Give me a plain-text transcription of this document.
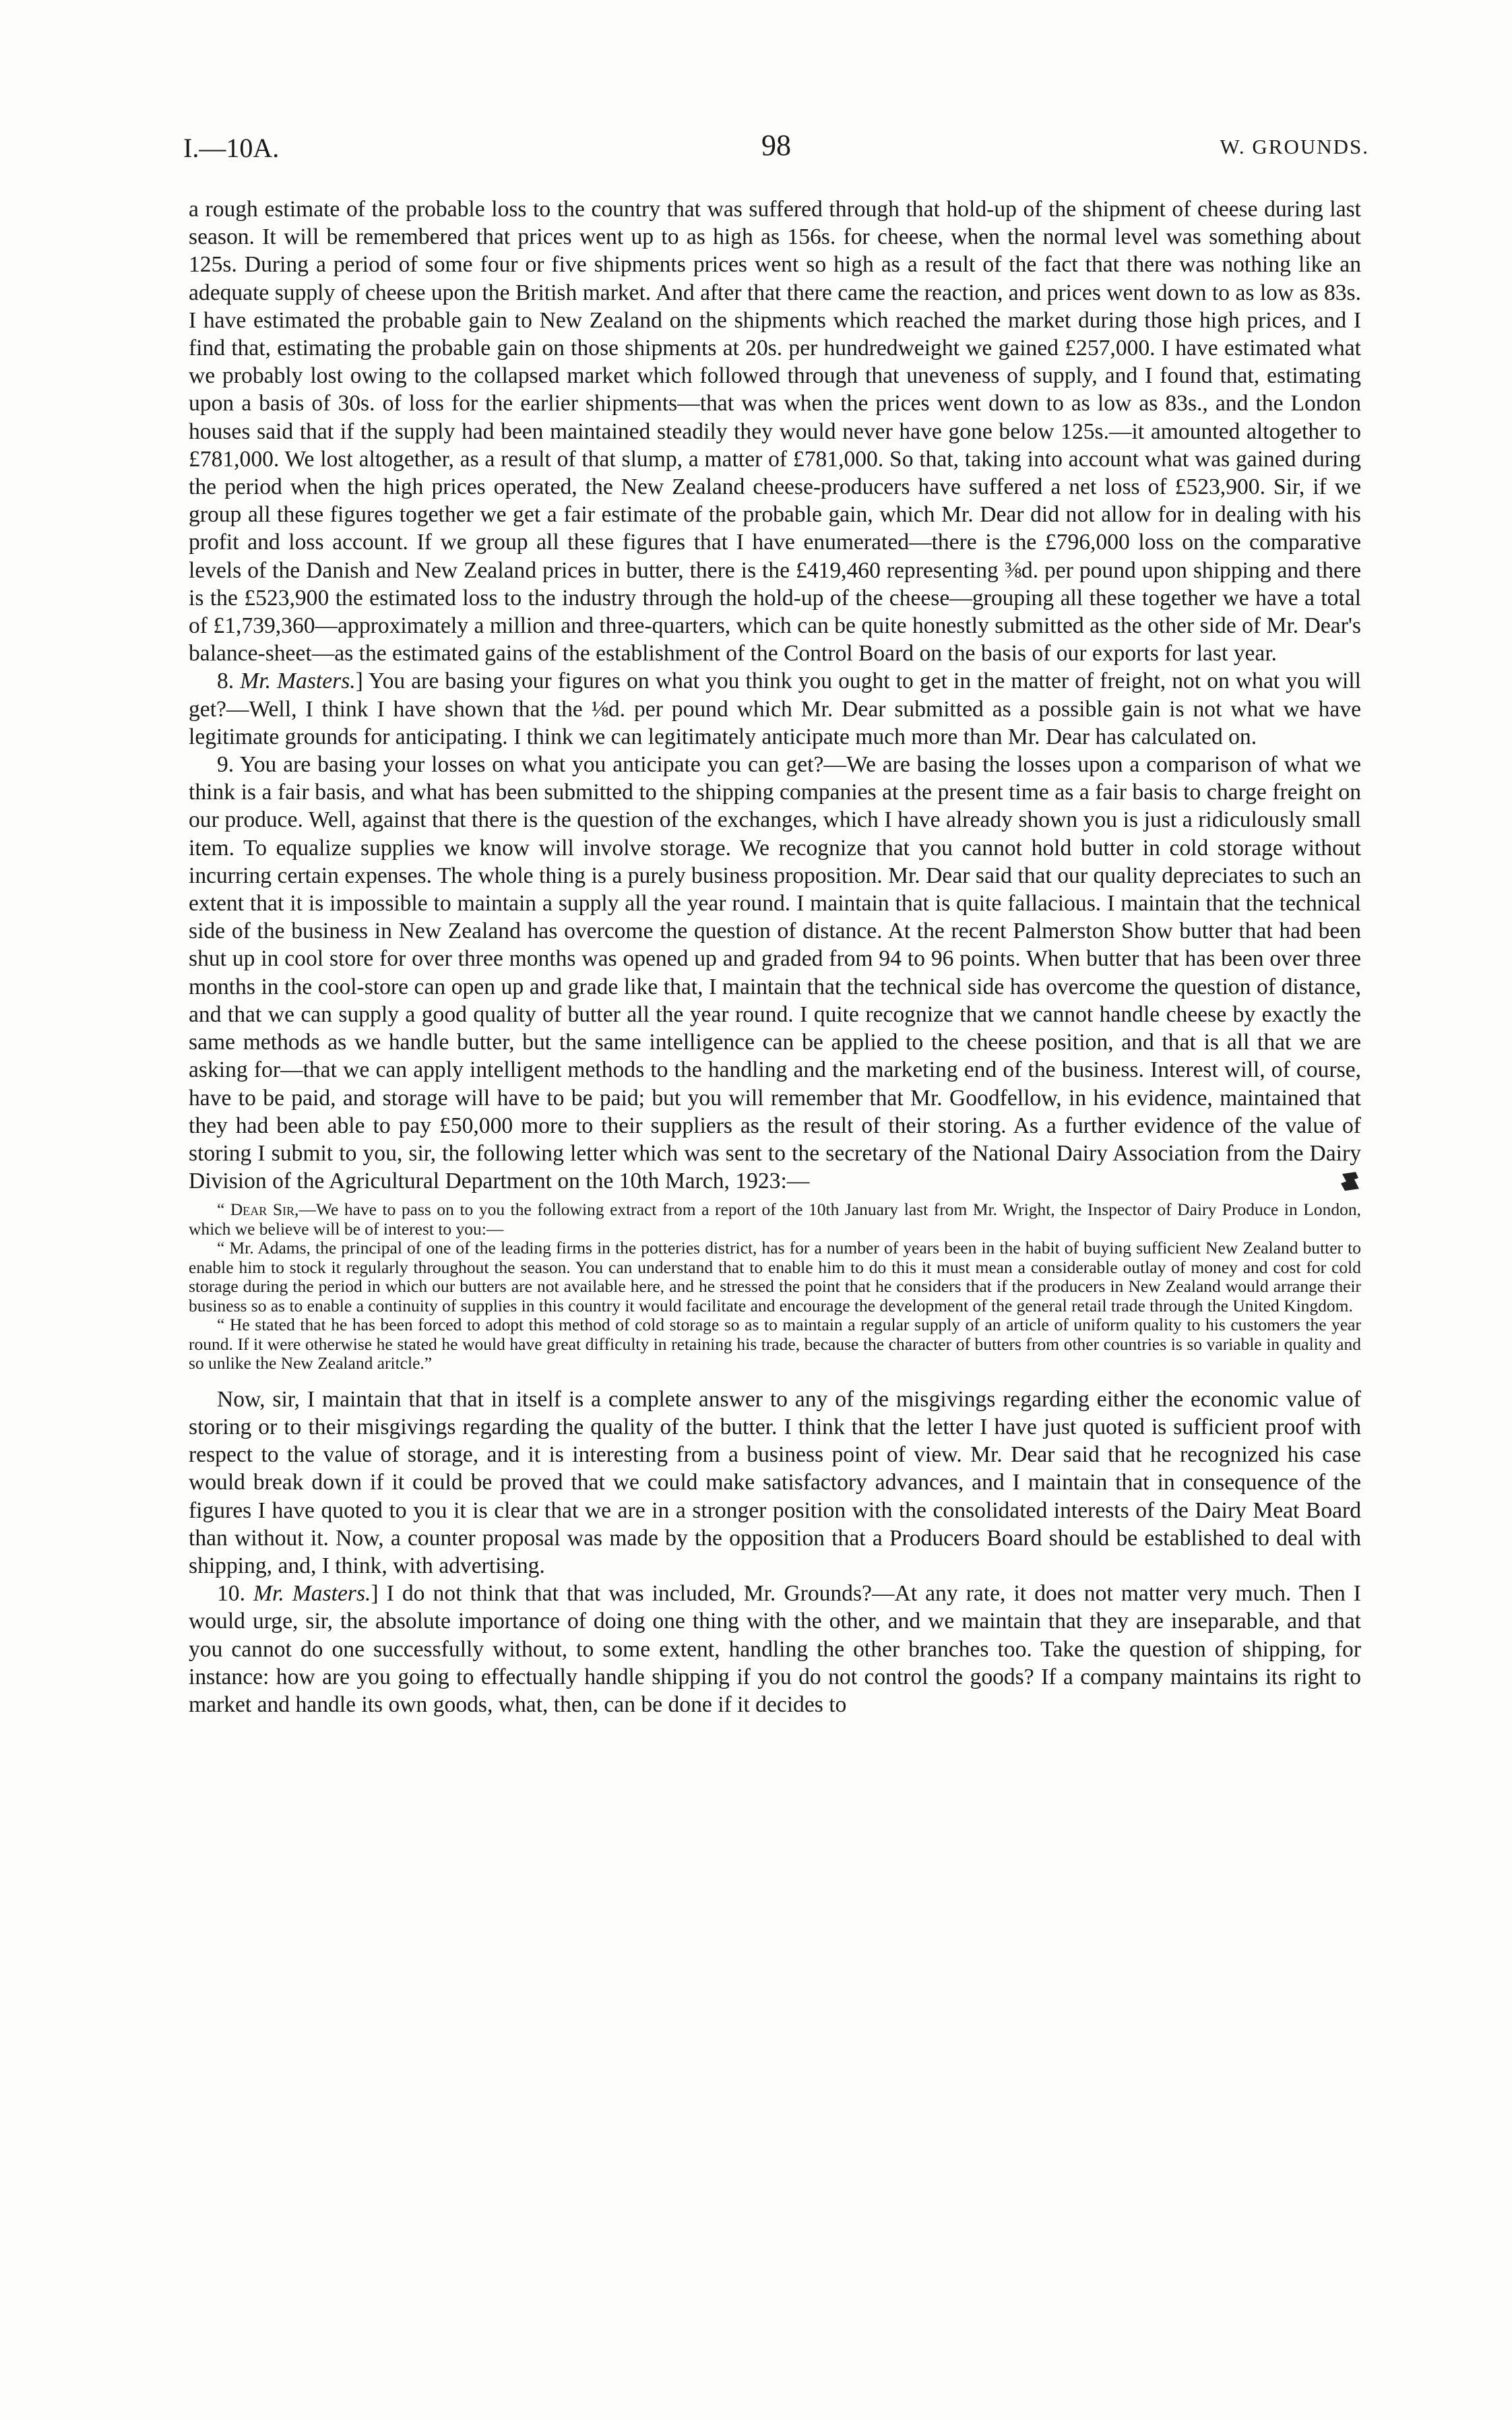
I.—10A.	98	W. GROUNDS.

a rough estimate of the probable loss to the country that was suffered through that hold-up of the shipment of cheese during last season. It will be remembered that prices went up to as high as 156s. for cheese, when the normal level was something about 125s. During a period of some four or five shipments prices went so high as a result of the fact that there was nothing like an adequate supply of cheese upon the British market. And after that there came the reaction, and prices went down to as low as 83s. I have estimated the probable gain to New Zealand on the shipments which reached the market during those high prices, and I find that, estimating the probable gain on those shipments at 20s. per hundredweight we gained £257,000. I have estimated what we probably lost owing to the collapsed market which followed through that uneveness of supply, and I found that, estimating upon a basis of 30s. of loss for the earlier shipments—that was when the prices went down to as low as 83s., and the London houses said that if the supply had been maintained steadily they would never have gone below 125s.—it amounted altogether to £781,000. We lost altogether, as a result of that slump, a matter of £781,000. So that, taking into account what was gained during the period when the high prices operated, the New Zealand cheese-producers have suffered a net loss of £523,900. Sir, if we group all these figures together we get a fair estimate of the probable gain, which Mr. Dear did not allow for in dealing with his profit and loss account. If we group all these figures that I have enumerated—there is the £796,000 loss on the comparative levels of the Danish and New Zealand prices in butter, there is the £419,460 representing ⅜d. per pound upon shipping and there is the £523,900 the estimated loss to the industry through the hold-up of the cheese—grouping all these together we have a total of £1,739,360—approximately a million and three-quarters, which can be quite honestly submitted as the other side of Mr. Dear's balance-sheet—as the estimated gains of the establishment of the Control Board on the basis of our exports for last year.

8. Mr. Masters.] You are basing your figures on what you think you ought to get in the matter of freight, not on what you will get?—Well, I think I have shown that the ⅛d. per pound which Mr. Dear submitted as a possible gain is not what we have legitimate grounds for anticipating. I think we can legitimately anticipate much more than Mr. Dear has calculated on.

9. You are basing your losses on what you anticipate you can get?—We are basing the losses upon a comparison of what we think is a fair basis, and what has been submitted to the shipping companies at the present time as a fair basis to charge freight on our produce. Well, against that there is the question of the exchanges, which I have already shown you is just a ridiculously small item. To equalize supplies we know will involve storage. We recognize that you cannot hold butter in cold storage without incurring certain expenses. The whole thing is a purely business proposition. Mr. Dear said that our quality depreciates to such an extent that it is impossible to maintain a supply all the year round. I maintain that is quite fallacious. I maintain that the technical side of the business in New Zealand has overcome the question of distance. At the recent Palmerston Show butter that had been shut up in cool store for over three months was opened up and graded from 94 to 96 points. When butter that has been over three months in the cool-store can open up and grade like that, I maintain that the technical side has overcome the question of distance, and that we can supply a good quality of butter all the year round. I quite recognize that we cannot handle cheese by exactly the same methods as we handle butter, but the same intelligence can be applied to the cheese position, and that is all that we are asking for—that we can apply intelligent methods to the handling and the marketing end of the business. Interest will, of course, have to be paid, and storage will have to be paid; but you will remember that Mr. Goodfellow, in his evidence, maintained that they had been able to pay £50,000 more to their suppliers as the result of their storing. As a further evidence of the value of storing I submit to you, sir, the following letter which was sent to the secretary of the National Dairy Association from the Dairy Division of the Agricultural Department on the 10th March, 1923:—

“ Dear Sir,—We have to pass on to you the following extract from a report of the 10th January last from Mr. Wright, the Inspector of Dairy Produce in London, which we believe will be of interest to you:—

“ Mr. Adams, the principal of one of the leading firms in the potteries district, has for a number of years been in the habit of buying sufficient New Zealand butter to enable him to stock it regularly throughout the season. You can understand that to enable him to do this it must mean a considerable outlay of money and cost for cold storage during the period in which our butters are not available here, and he stressed the point that he considers that if the producers in New Zealand would arrange their business so as to enable a continuity of supplies in this country it would facilitate and encourage the development of the general retail trade through the United Kingdom.

“ He stated that he has been forced to adopt this method of cold storage so as to maintain a regular supply of an article of uniform quality to his customers the year round. If it were otherwise he stated he would have great difficulty in retaining his trade, because the character of butters from other countries is so variable in quality and so unlike the New Zealand aritcle.”

Now, sir, I maintain that that in itself is a complete answer to any of the misgivings regarding either the economic value of storing or to their misgivings regarding the quality of the butter. I think that the letter I have just quoted is sufficient proof with respect to the value of storage, and it is interesting from a business point of view. Mr. Dear said that he recognized his case would break down if it could be proved that we could make satisfactory advances, and I maintain that in consequence of the figures I have quoted to you it is clear that we are in a stronger position with the consolidated interests of the Dairy Meat Board than without it. Now, a counter proposal was made by the opposition that a Producers Board should be established to deal with shipping, and, I think, with advertising.

10. Mr. Masters.] I do not think that that was included, Mr. Grounds?—At any rate, it does not matter very much. Then I would urge, sir, the absolute importance of doing one thing with the other, and we maintain that they are inseparable, and that you cannot do one successfully without, to some extent, handling the other branches too. Take the question of shipping, for instance: how are you going to effectually handle shipping if you do not control the goods? If a company maintains its right to market and handle its own goods, what, then, can be done if it decides to
